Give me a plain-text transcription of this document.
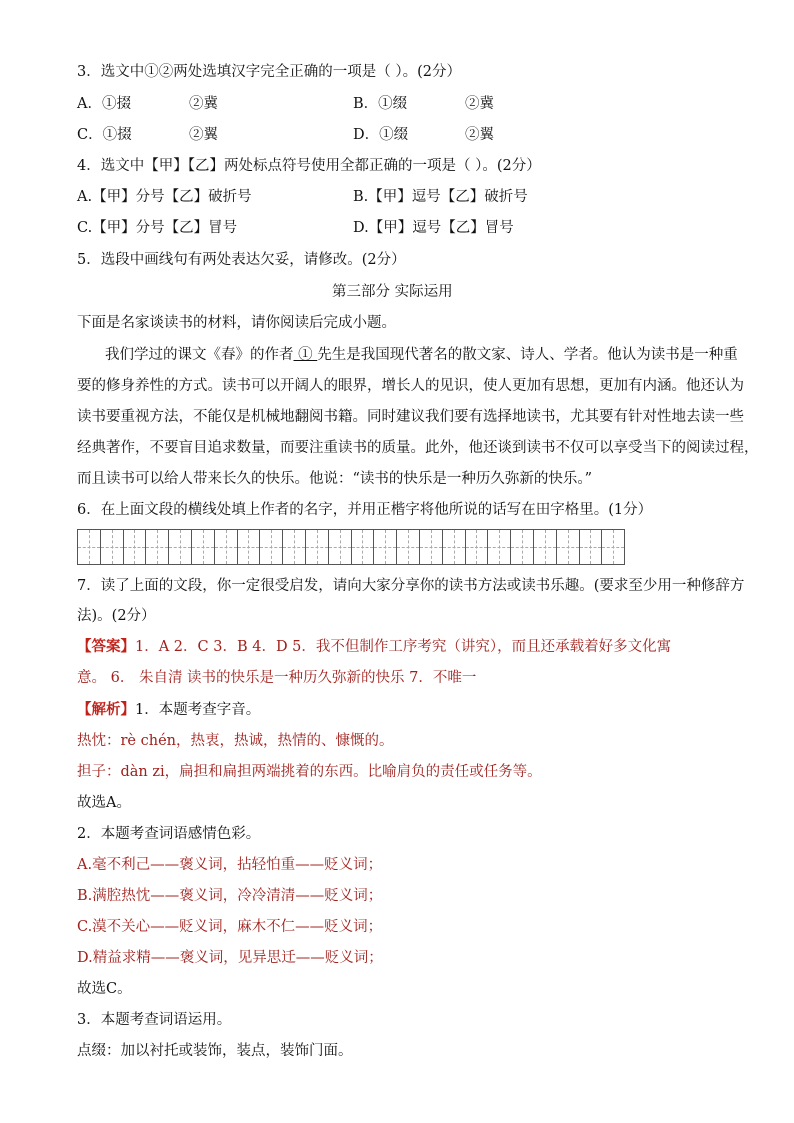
3．选文中①②两处选填汉字完全正确的一项是（ ）。(2分）
A．①掇	②冀	B．①缀	②冀
C．①掇	②翼	D．①缀	②翼
4．选文中【甲】【乙】两处标点符号使用全都正确的一项是（ ）。(2分）
A.【甲】分号【乙】破折号	B.【甲】逗号【乙】破折号
C.【甲】分号【乙】冒号	D.【甲】逗号【乙】冒号
5．选段中画线句有两处表达欠妥，请修改。(2分）
第三部分 实际运用
下面是名家谈读书的材料，请你阅读后完成小题。
我们学过的课文《春》的作者 ① 先生是我国现代著名的散文家、诗人、学者。他认为读书是一种重
要的修身养性的方式。读书可以开阔人的眼界，增长人的见识，使人更加有思想，更加有内涵。他还认为
读书要重视方法，不能仅是机械地翻阅书籍。同时建议我们要有选择地读书，尤其要有针对性地去读一些
经典著作，不要盲目追求数量，而要注重读书的质量。此外，他还谈到读书不仅可以享受当下的阅读过程，
而且读书可以给人带来长久的快乐。他说：“读书的快乐是一种历久弥新的快乐。”
6．在上面文段的横线处填上作者的名字，并用正楷字将他所说的话写在田字格里。(1分）
7．读了上面的文段，你一定很受启发，请向大家分享你的读书方法或读书乐趣。(要求至少用一种修辞方
法)。(2分）
【答案】1．A 2．C 3．B 4．D 5．我不但制作工序考究（讲究），而且还承载着好多文化寓
意。 6． 朱自清 读书的快乐是一种历久弥新的快乐 7．不唯一
【解析】1．本题考查字音。
热忱：rè chén，热衷，热诚，热情的、慷慨的。
担子：dàn zi，扁担和扁担两端挑着的东西。比喻肩负的责任或任务等。
故选A。
2．本题考查词语感情色彩。
A.毫不利己——褒义词，拈轻怕重——贬义词；
B.满腔热忱——褒义词，冷冷清清——贬义词；
C.漠不关心——贬义词，麻木不仁——贬义词；
D.精益求精——褒义词，见异思迁——贬义词；
故选C。
3．本题考查词语运用。
点缀：加以衬托或装饰，装点，装饰门面。
